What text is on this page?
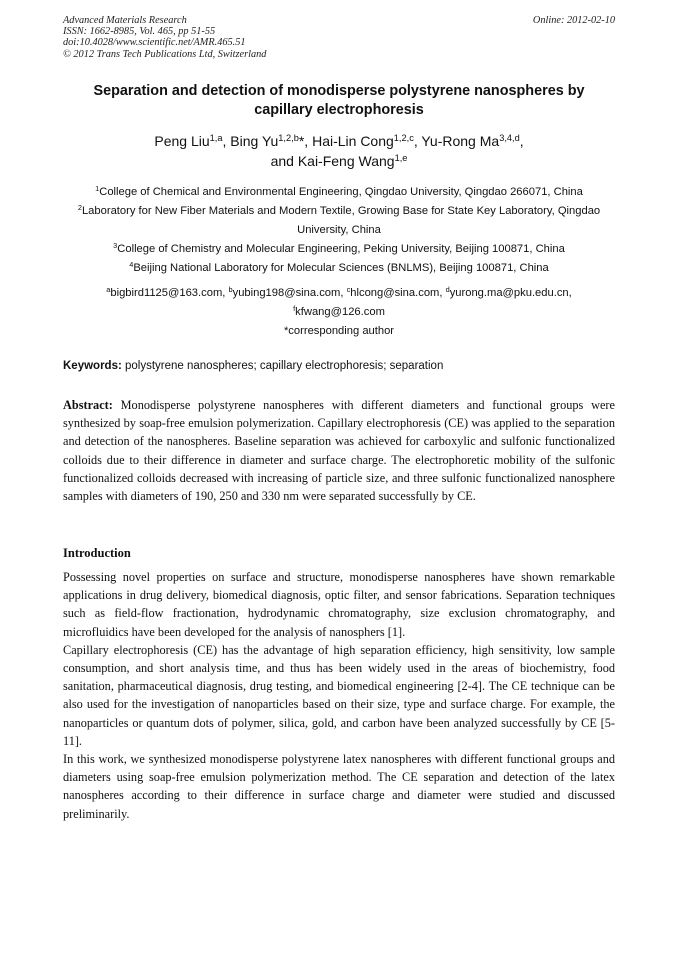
Advanced Materials Research
ISSN: 1662-8985, Vol. 465, pp 51-55
doi:10.4028/www.scientific.net/AMR.465.51
© 2012 Trans Tech Publications Ltd, Switzerland
Online: 2012-02-10
Separation and detection of monodisperse polystyrene nanospheres by capillary electrophoresis
Peng Liu$^{1,a}$, Bing Yu$^{1,2,b}$*, Hai-Lin Cong$^{1,2,c}$, Yu-Rong Ma$^{3,4,d}$,
and Kai-Feng Wang$^{1,e}$
$^1$College of Chemical and Environmental Engineering, Qingdao University, Qingdao 266071, China
$^2$Laboratory for New Fiber Materials and Modern Textile, Growing Base for State Key Laboratory, Qingdao University, China
$^3$College of Chemistry and Molecular Engineering, Peking University, Beijing 100871, China
$^4$Beijing National Laboratory for Molecular Sciences (BNLMS), Beijing 100871, China
$^a$bigbird1125@163.com, $^b$yubing198@sina.com, $^c$hlcong@sina.com, $^d$yurong.ma@pku.edu.cn,
$^f$kfwang@126.com
*corresponding author
Keywords: polystyrene nanospheres; capillary electrophoresis; separation
Abstract: Monodisperse polystyrene nanospheres with different diameters and functional groups were synthesized by soap-free emulsion polymerization. Capillary electrophoresis (CE) was applied to the separation and detection of the nanospheres. Baseline separation was achieved for carboxylic and sulfonic functionalized colloids due to their difference in diameter and surface charge. The electrophoretic mobility of the sulfonic functionalized colloids decreased with increasing of particle size, and three sulfonic functionalized nanosphere samples with diameters of 190, 250 and 330 nm were separated successfully by CE.
Introduction

Possessing novel properties on surface and structure, monodisperse nanospheres have shown remarkable applications in drug delivery, biomedical diagnosis, optic filter, and sensor fabrications. Separation techniques such as field-flow fractionation, hydrodynamic chromatography, size exclusion chromatography, and microfluidics have been developed for the analysis of nanosphers [1].

Capillary electrophoresis (CE) has the advantage of high separation efficiency, high sensitivity, low sample consumption, and short analysis time, and thus has been widely used in the areas of biochemistry, food sanitation, pharmaceutical diagnosis, drug testing, and biomedical engineering [2-4]. The CE technique can be also used for the investigation of nanoparticles based on their size, type and surface charge. For example, the nanoparticles or quantum dots of polymer, silica, gold, and carbon have been analyzed successfully by CE [5-11].

In this work, we synthesized monodisperse polystyrene latex nanospheres with different functional groups and diameters using soap-free emulsion polymerization method. The CE separation and detection of the latex nanospheres according to their difference in surface charge and diameter were studied and discussed preliminarily.
